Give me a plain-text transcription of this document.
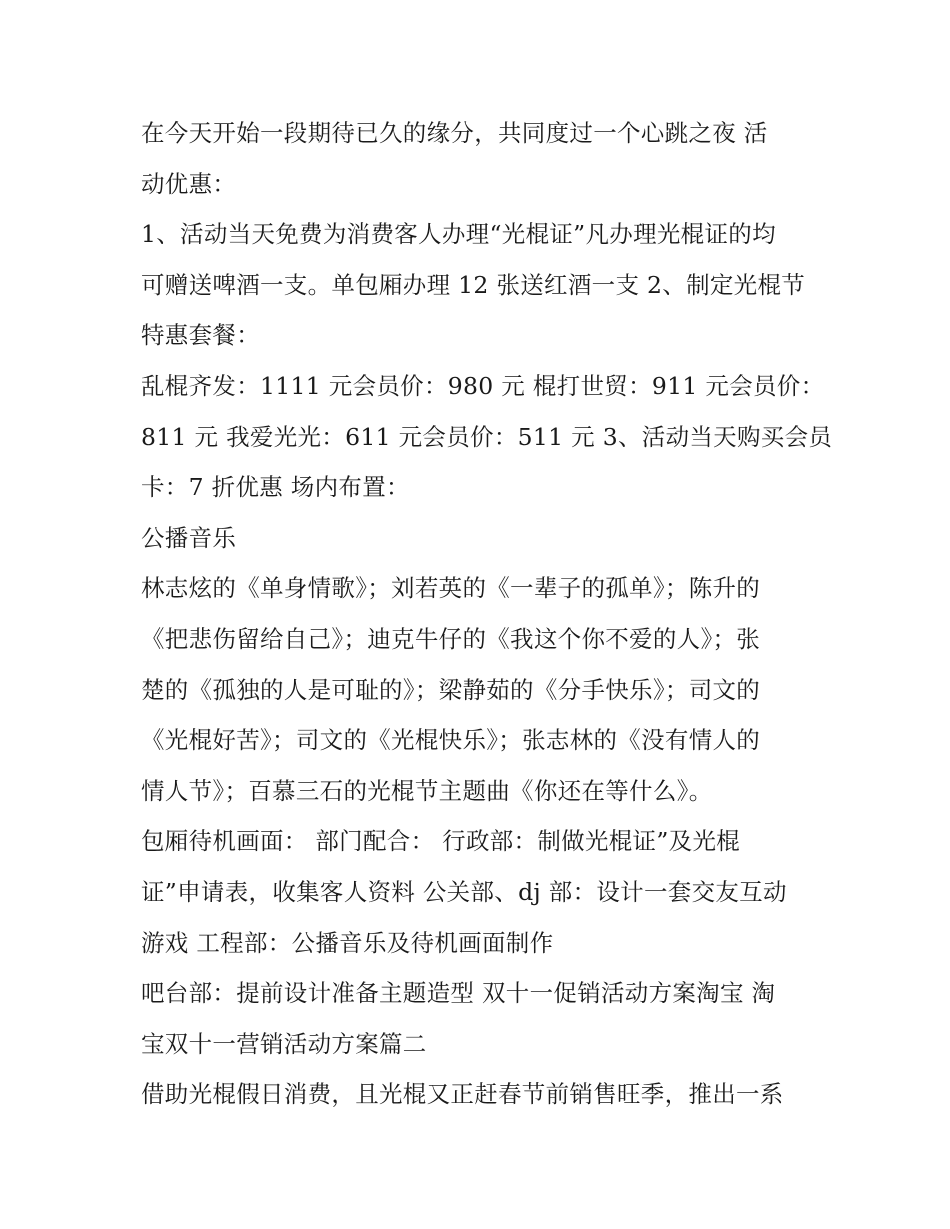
在今天开始一段期待已久的缘分，共同度过一个心跳之夜 活
动优惠：
1、活动当天免费为消费客人办理“光棍证”凡办理光棍证的均
可赠送啤酒一支。单包厢办理 12 张送红酒一支 2、制定光棍节
特惠套餐：
乱棍齐发：1111 元会员价：980 元 棍打世贸：911 元会员价：
811 元 我爱光光：611 元会员价：511 元 3、活动当天购买会员
卡：7 折优惠 场内布置：
公播音乐
林志炫的《单身情歌》；刘若英的《一辈子的孤单》；陈升的
《把悲伤留给自己》；迪克牛仔的《我这个你不爱的人》；张
楚的《孤独的人是可耻的》；梁静茹的《分手快乐》；司文的
《光棍好苦》；司文的《光棍快乐》；张志林的《没有情人的
情人节》；百慕三石的光棍节主题曲《你还在等什么》。
包厢待机画面： 部门配合： 行政部：制做光棍证”及光棍
证”申请表，收集客人资料 公关部、dj 部：设计一套交友互动
游戏 工程部：公播音乐及待机画面制作
吧台部：提前设计准备主题造型 双十一促销活动方案淘宝 淘
宝双十一营销活动方案篇二
借助光棍假日消费，且光棍又正赶春节前销售旺季，推出一系
